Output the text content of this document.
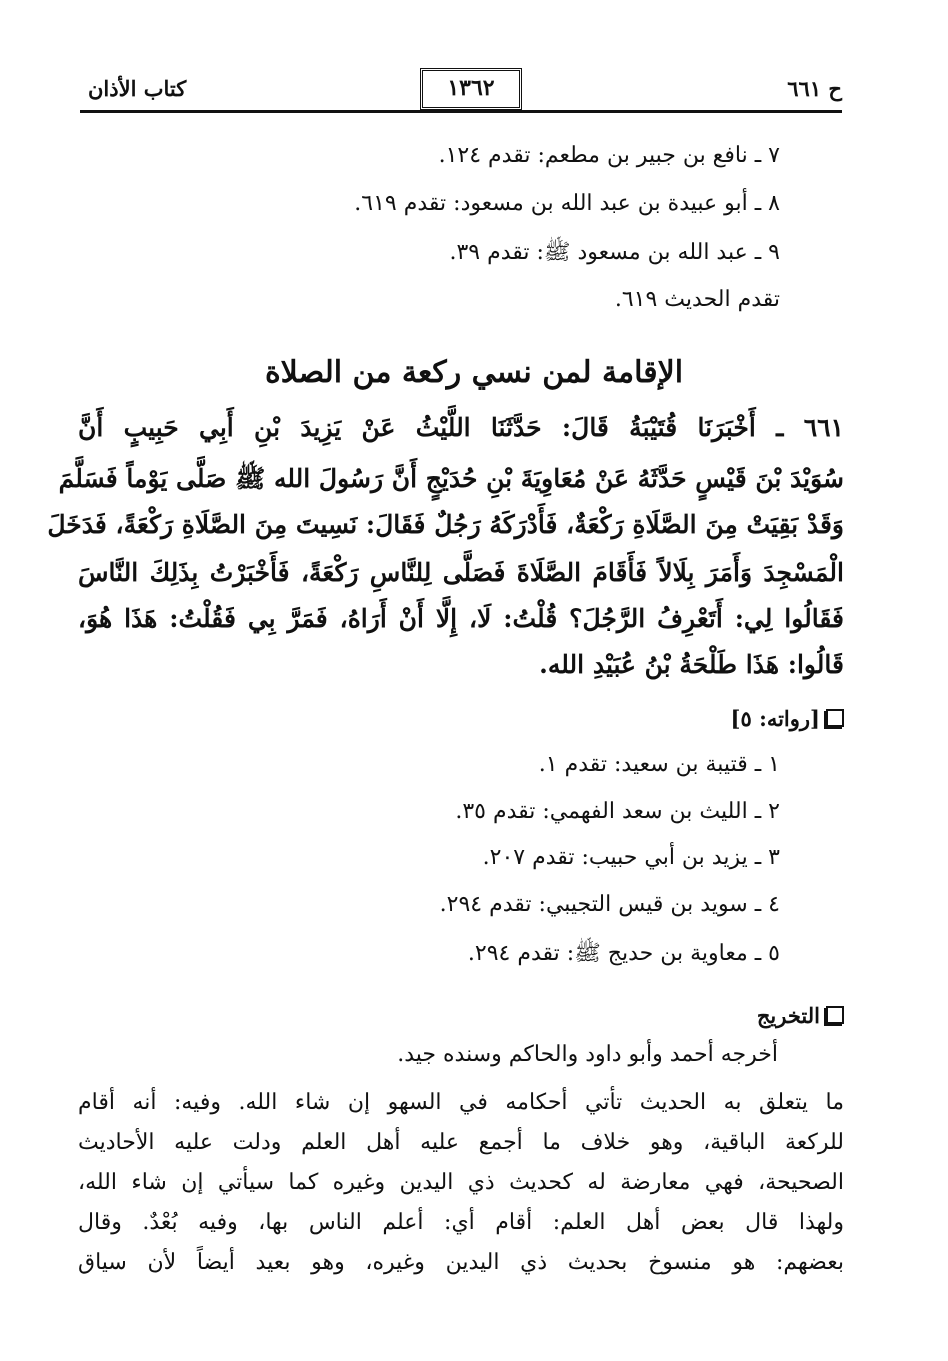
كتاب الأذان	١٣٦٢	ح ٦٦١
٧ ـ نافع بن جبير بن مطعم: تقدم ١٢٤.
٨ ـ أبو عبيدة بن عبد الله بن مسعود: تقدم ٦١٩.
٩ ـ عبد الله بن مسعود ﷺ: تقدم ٣٩.
تقدم الحديث ٦١٩.
الإقامة لمن نسي ركعة من الصلاة
٦٦١ ـ أَخْبَرَنَا قُتَيْبَةُ قَالَ: حَدَّثَنَا اللَّيْثُ عَنْ يَزِيدَ بْنِ أَبِي حَبِيبٍ أَنَّ
سُوَيْدَ بْنَ قَيْسٍ حَدَّثَهُ عَنْ مُعَاوِيَةَ بْنِ حُدَيْجٍ أَنَّ رَسُولَ الله ﷺ صَلَّى يَوْماً فَسَلَّمَ
وَقَدْ بَقِيَتْ مِنَ الصَّلَاةِ رَكْعَةٌ، فَأَدْرَكَهُ رَجُلٌ فَقَالَ: نَسِيتَ مِنَ الصَّلَاةِ رَكْعَةً، فَدَخَلَ
الْمَسْجِدَ وَأَمَرَ بِلَالاً فَأَقَامَ الصَّلَاةَ فَصَلَّى لِلنَّاسِ رَكْعَةً، فَأَخْبَرْتُ بِذَلِكَ النَّاسَ
فَقَالُوا لِي: أَتَعْرِفُ الرَّجُلَ؟ قُلْتُ: لَا، إِلَّا أَنْ أَرَاهُ، فَمَرَّ بِي فَقُلْتُ: هَذَا هُوَ،
قَالُوا: هَذَا طَلْحَةُ بْنُ عُبَيْدِ الله.
[رواته: ٥]
١ ـ قتيبة بن سعيد: تقدم ١.
٢ ـ الليث بن سعد الفهمي: تقدم ٣٥.
٣ ـ يزيد بن أبي حبيب: تقدم ٢٠٧.
٤ ـ سويد بن قيس التجيبي: تقدم ٢٩٤.
٥ ـ معاوية بن حديج ﷺ: تقدم ٢٩٤.
التخريج
أخرجه أحمد وأبو داود والحاكم وسنده جيد.
ما يتعلق به الحديث تأتي أحكامه في السهو إن شاء الله. وفيه: أنه أقام
للركعة الباقية، وهو خلاف ما أجمع عليه أهل العلم ودلت عليه الأحاديث
الصحيحة، فهي معارضة له كحديث ذي اليدين وغيره كما سيأتي إن شاء الله،
ولهذا قال بعض أهل العلم: أقام أي: أعلم الناس بها، وفيه بُعْدٌ. وقال
بعضهم: هو منسوخ بحديث ذي اليدين وغيره، وهو بعيد أيضاً لأن سياق
